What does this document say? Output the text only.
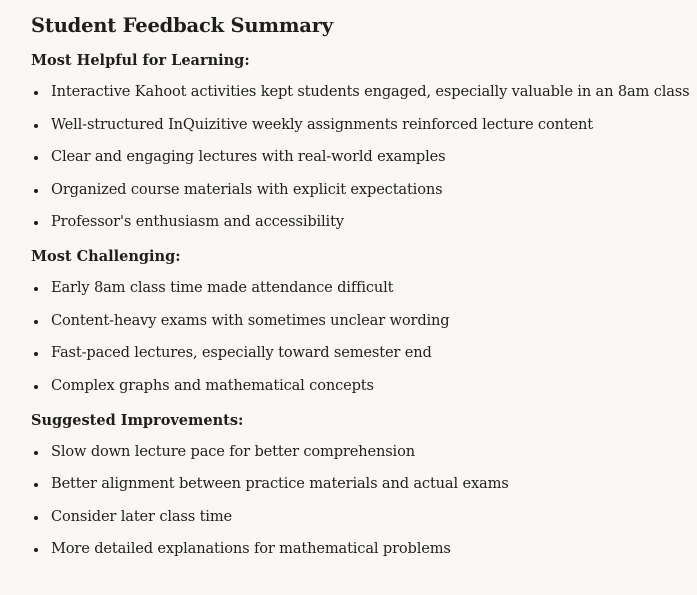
Student Feedback Summary
Most Helpful for Learning:
Interactive Kahoot activities kept students engaged, especially valuable in an 8am class
Well-structured InQuizitive weekly assignments reinforced lecture content
Clear and engaging lectures with real-world examples
Organized course materials with explicit expectations
Professor's enthusiasm and accessibility
Most Challenging:
Early 8am class time made attendance difficult
Content-heavy exams with sometimes unclear wording
Fast-paced lectures, especially toward semester end
Complex graphs and mathematical concepts
Suggested Improvements:
Slow down lecture pace for better comprehension
Better alignment between practice materials and actual exams
Consider later class time
More detailed explanations for mathematical problems
